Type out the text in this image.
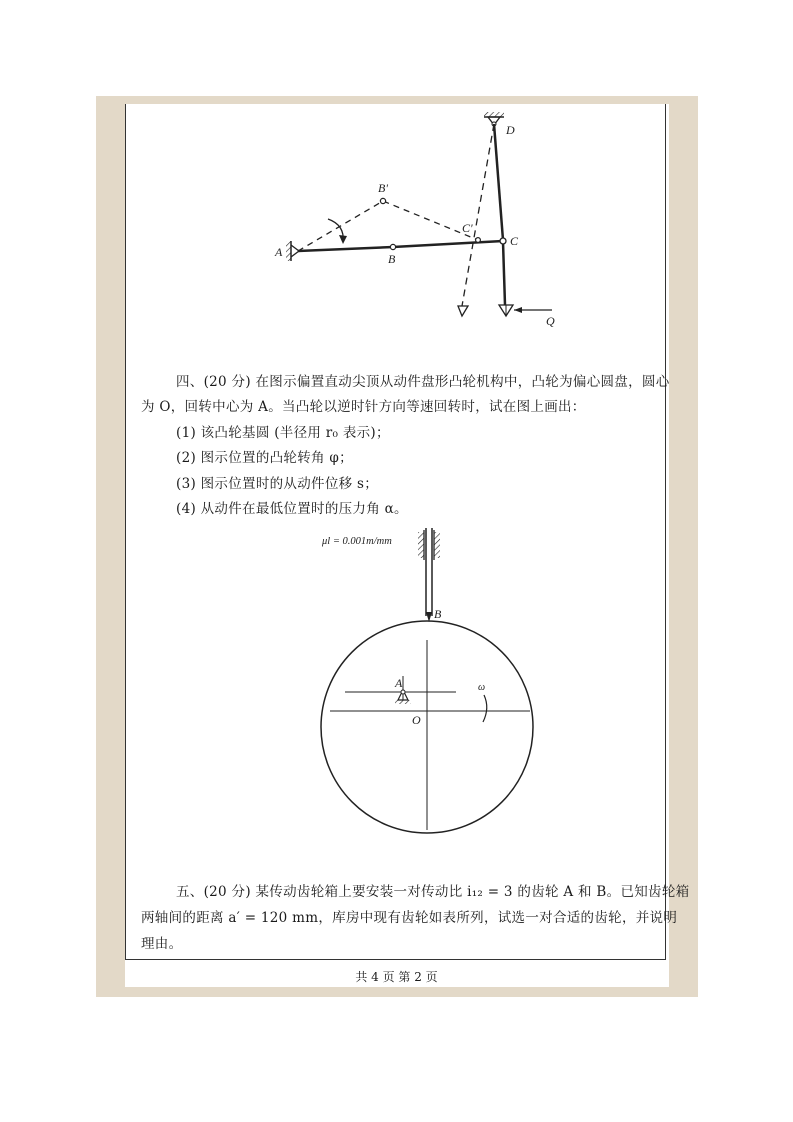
A	B
B'
C'
C
D
Q
μl = 0.001m/mm
A
B
O
ω
四、(20 分) 在图示偏置直动尖顶从动件盘形凸轮机构中，凸轮为偏心圆盘，圆心
为 O，回转中心为 A。当凸轮以逆时针方向等速回转时，试在图上画出：
(1) 该凸轮基圆 (半径用 r₀ 表示)；
(2) 图示位置的凸轮转角 φ；
(3) 图示位置时的从动件位移 s；
(4) 从动件在最低位置时的压力角 α。
五、(20 分) 某传动齿轮箱上要安装一对传动比 i₁₂ = 3 的齿轮 A 和 B。已知齿轮箱
两轴间的距离 a′ = 120 mm，库房中现有齿轮如表所列，试选一对合适的齿轮，并说明
理由。
共 4 页 第 2 页
